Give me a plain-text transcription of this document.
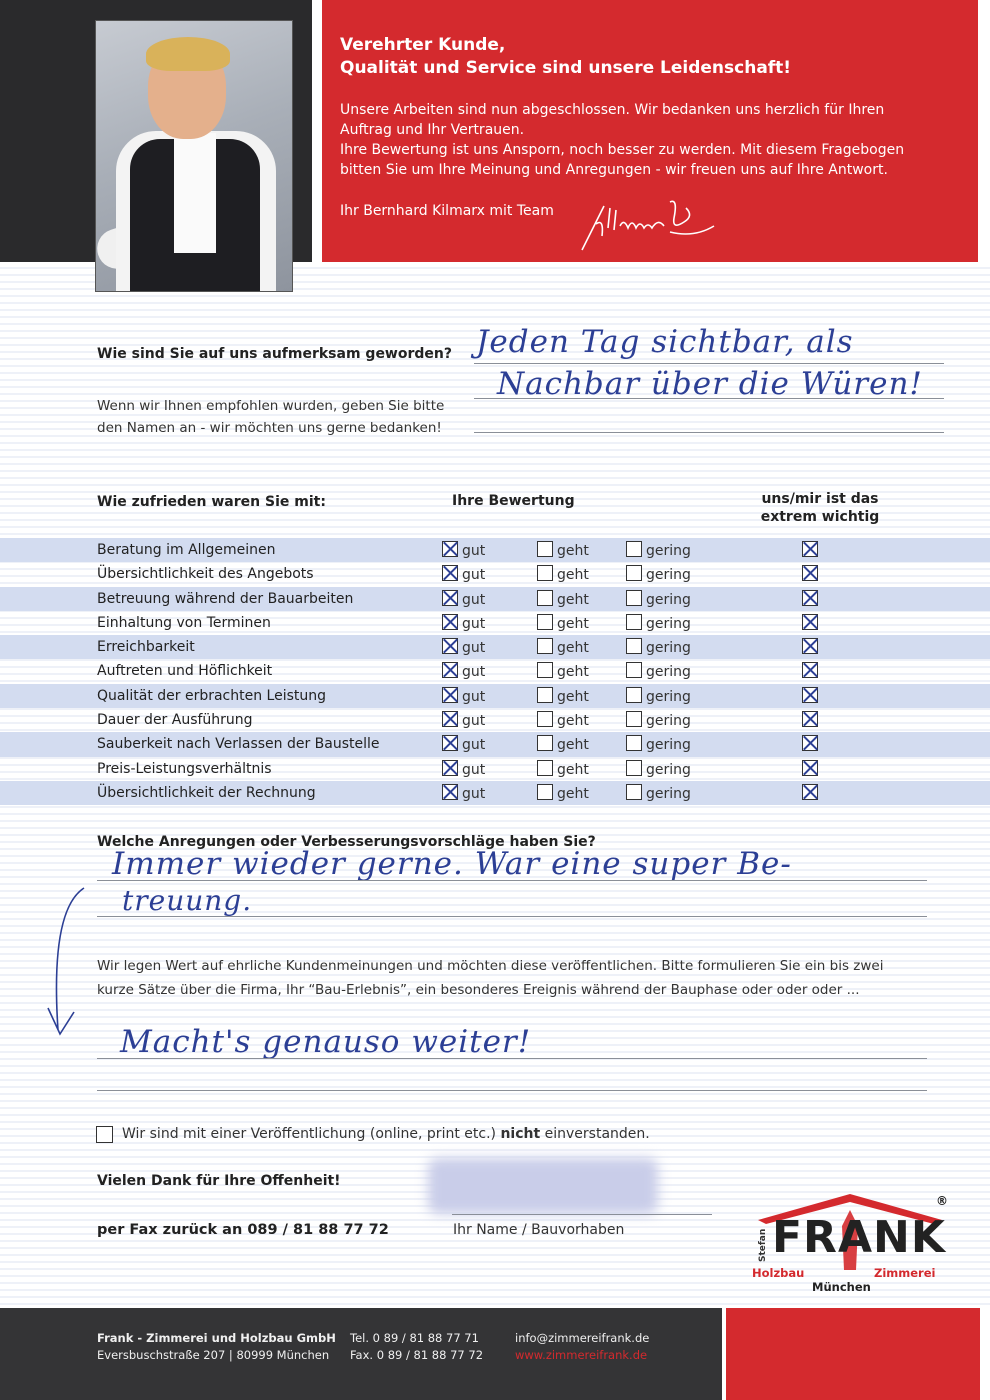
Verehrter Kunde,
Qualität und Service sind unsere Leidenschaft!
Unsere Arbeiten sind nun abgeschlossen. Wir bedanken uns herzlich für Ihren
Auftrag und Ihr Vertrauen.
Ihre Bewertung ist uns Ansporn, noch besser zu werden. Mit diesem Fragebogen
bitten Sie um Ihre Meinung und Anregungen - wir freuen uns auf Ihre Antwort.
Ihr Bernhard Kilmarx mit Team
Wie sind Sie auf uns aufmerksam geworden? Jeden Tag sichtbar, als
Nachbar über die Würen!
Wenn wir Ihnen empfohlen wurden, geben Sie bitte
den Namen an - wir möchten uns gerne bedanken!
Wie zufrieden waren Sie mit:	Ihre Bewertung	uns/mir ist das
extrem wichtig
Beratung im Allgemeinen	gut	geht	gering
Übersichtlichkeit des Angebots	gut	geht	gering
Betreuung während der Bauarbeiten	gut	geht	gering
Einhaltung von Terminen	gut	geht	gering
Erreichbarkeit	gut	geht	gering
Auftreten und Höflichkeit	gut	geht	gering
Qualität der erbrachten Leistung	gut	geht	gering
Dauer der Ausführung	gut	geht	gering
Sauberkeit nach Verlassen der Baustelle	gut	geht	gering
Preis-Leistungsverhältnis	gut	geht	gering
Übersichtlichkeit der Rechnung	gut	geht	gering
Welche Anregungen oder Verbesserungsvorschläge haben Sie?
Immer wieder gerne. War eine super Be-
treuung.
Wir legen Wert auf ehrliche Kundenmeinungen und möchten diese veröffentlichen. Bitte formulieren Sie ein bis zwei
kurze Sätze über die Firma, Ihr “Bau-Erlebnis”, ein besonderes Ereignis während der Bauphase oder oder oder ...
Macht's genauso weiter!
Wir sind mit einer Veröffentlichung (online, print etc.) nicht einverstanden.
Vielen Dank für Ihre Offenheit!
per Fax zurück an 089 / 81 88 77 72	Ihr Name / Bauvorhaben	Stefan FRANK
®
Holzbau	Zimmerei
München
Frank - Zimmerei und Holzbau GmbH
Eversbuschstraße 207 | 80999 München
Tel. 0 89 / 81 88 77 71
Fax. 0 89 / 81 88 77 72
info@zimmereifrank.de
www.zimmereifrank.de
